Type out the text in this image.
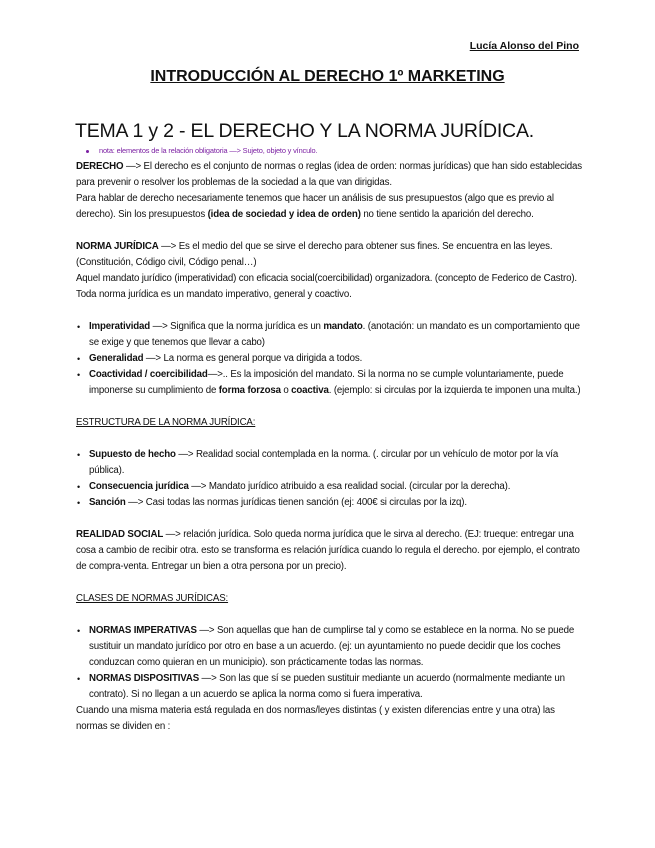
Lucía Alonso del Pino
INTRODUCCIÓN AL DERECHO 1º MARKETING
TEMA 1 y 2 - EL DERECHO Y LA NORMA JURÍDICA.
nota: elementos de la relación obligatoria —> Sujeto, objeto y vínculo.

DERECHO —> El derecho es el conjunto de normas o reglas (idea de orden: normas jurídicas) que han sido establecidas para prevenir o resolver los problemas de la sociedad a la que van dirigidas.

Para hablar de derecho necesariamente tenemos que hacer un análisis de sus presupuestos (algo que es previo al derecho). Sin los presupuestos (idea de sociedad y idea de orden) no tiene sentido la aparición del derecho.

NORMA JURÍDICA —> Es el medio del que se sirve el derecho para obtener sus fines. Se encuentra en las leyes. (Constitución, Código civil, Código penal…)

Aquel mandato jurídico (imperatividad) con eficacia social(coercibilidad) organizadora. (concepto de Federico de Castro). Toda norma jurídica es un mandato imperativo, general y coactivo.

• Imperatividad —> Significa que la norma jurídica es un mandato. (anotación: un mandato es un comportamiento que se exige y que tenemos que llevar a cabo)
• Generalidad —> La norma es general porque va dirigida a todos.
• Coactividad / coercibilidad—>.. Es la imposición del mandato. Si la norma no se cumple voluntariamente, puede imponerse su cumplimiento de forma forzosa o coactiva. (ejemplo: si circulas por la izquierda te imponen una multa.)

ESTRUCTURA DE LA NORMA JURÍDICA:

• Supuesto de hecho —> Realidad social contemplada en la norma. (. circular por un vehículo de motor por la vía pública).
• Consecuencia jurídica —> Mandato jurídico atribuido a esa realidad social. (circular por la derecha).
• Sanción —> Casi todas las normas jurídicas tienen sanción (ej: 400€ si circulas por la izq).

REALIDAD SOCIAL —> relación jurídica. Solo queda norma jurídica que le sirva al derecho. (EJ: trueque: entregar una cosa a cambio de recibir otra. esto se transforma es relación jurídica cuando lo regula el derecho. por ejemplo, el contrato de compra-venta. Entregar un bien a otra persona por un precio).

CLASES DE NORMAS JURÍDICAS:

• NORMAS IMPERATIVAS —> Son aquellas que han de cumplirse tal y como se establece en la norma. No se puede sustituir un mandato jurídico por otro en base a un acuerdo. (ej: un ayuntamiento no puede decidir que los coches conduzcan como quieran en un municipio). son prácticamente todas las normas.
• NORMAS DISPOSITIVAS —> Son las que sí se pueden sustituir mediante un acuerdo (normalmente mediante un contrato). Si no llegan a un acuerdo se aplica la norma como si fuera imperativa.

Cuando una misma materia está regulada en dos normas/leyes distintas ( y existen diferencias entre y una otra) las normas se dividen en :
